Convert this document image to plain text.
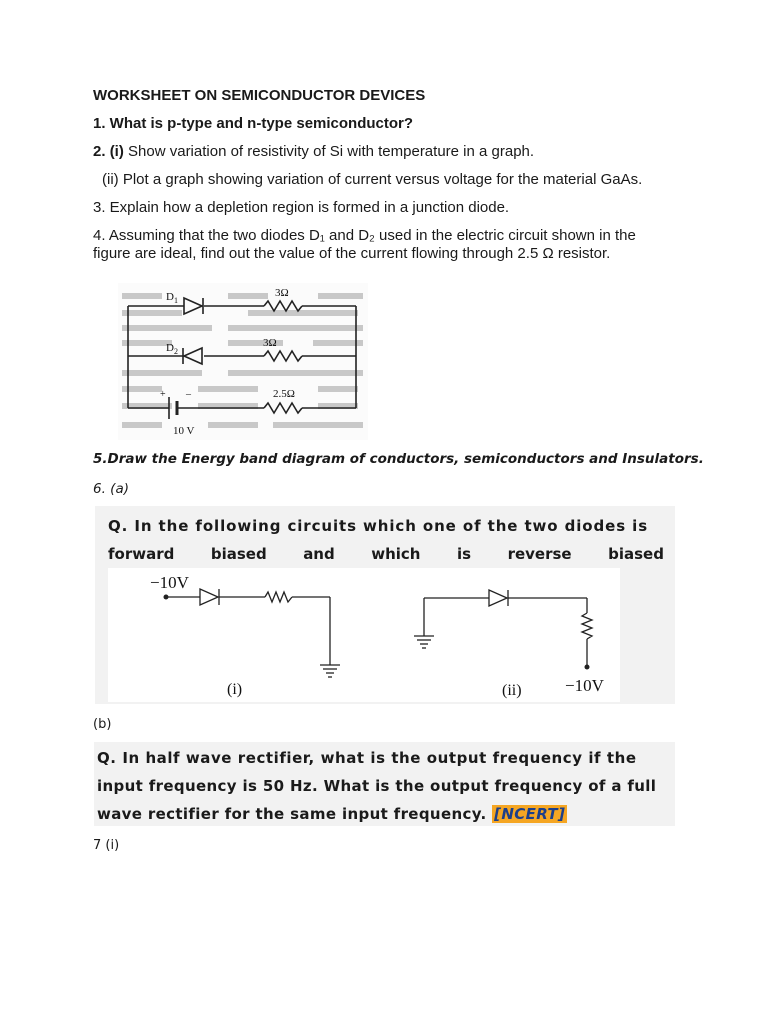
WORKSHEET ON SEMICONDUCTOR DEVICES
1. What is p-type and n-type semiconductor?
2. (i) Show variation of resistivity of Si with temperature in a graph.
(ii) Plot a graph showing variation of current versus voltage for the material GaAs.
3. Explain how a depletion region is formed in a junction diode.
4. Assuming that the two diodes D₁ and D₂ used in the electric circuit shown in the
figure are ideal, find out the value of the current flowing through 2.5 Ω resistor.
$D_1$
$D_2$
3Ω
3Ω
2.5Ω
+ –
10 V
5.Draw the Energy band diagram of conductors, semiconductors and Insulators.
6. (a)
Q. In the following circuits which one of the two diodes is
forward biased and which is reverse biased
−10V
(i)	(ii)	−10V
(b)
Q. In half wave rectifier, what is the output frequency if the
input frequency is 50 Hz. What is the output frequency of a full
wave rectifier for the same input frequency. [NCERT]
7 (i)
